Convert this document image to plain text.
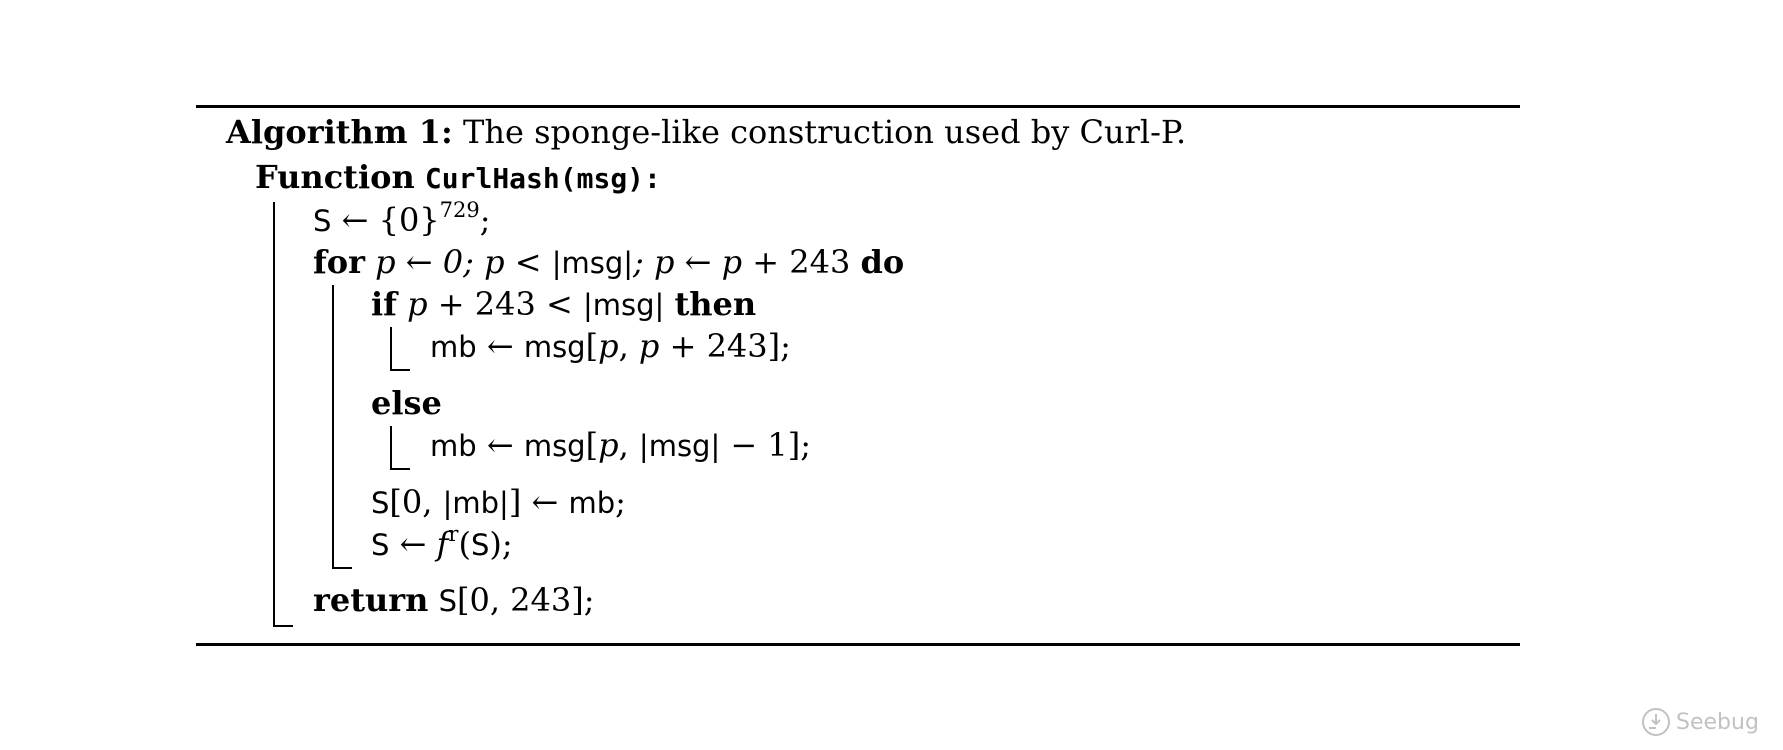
Algorithm 1: The sponge-like construction used by Curl-P.
Function CurlHash(msg):
S ← $\{0\}^{729}$;
for p ← 0; p < |msg|; p ← p + 243 do
if p + 243 < |msg| then
mb ← msg[p, p + 243];
else
mb ← msg[p, |msg| − 1];
S[0, |mb|] ← mb;
S ← $f^r(S)$;
return S[0, 243];
Seebug
